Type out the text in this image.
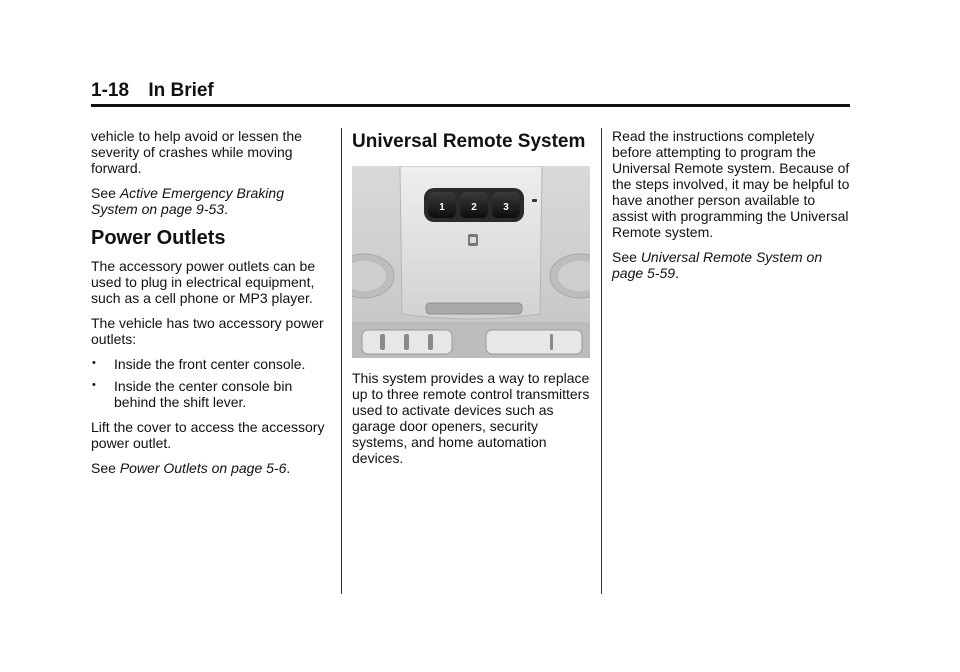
1-18 In Brief

vehicle to help avoid or lessen the severity of crashes while moving forward.

See Active Emergency Braking System on page 9-53.

Power Outlets

The accessory power outlets can be used to plug in electrical equipment, such as a cell phone or MP3 player.

The vehicle has two accessory power outlets:

• Inside the front center console.
• Inside the center console bin behind the shift lever.

Lift the cover to access the accessory power outlet.

See Power Outlets on page 5-6.

Universal Remote System
1	2	3

This system provides a way to replace up to three remote control transmitters used to activate devices such as garage door openers, security systems, and home automation devices.

Read the instructions completely before attempting to program the Universal Remote system. Because of the steps involved, it may be helpful to have another person available to assist with programming the Universal Remote system.

See Universal Remote System on page 5-59.
